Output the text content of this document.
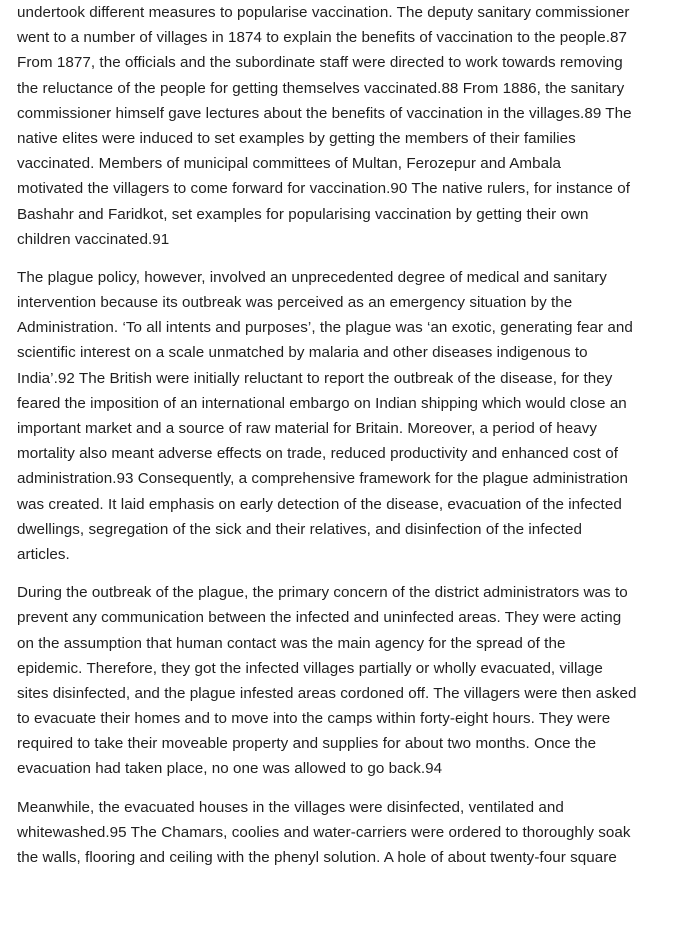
undertook different measures to popularise vaccination. The deputy sanitary commissioner
went to a number of villages in 1874 to explain the benefits of vaccination to the people.87
From 1877, the officials and the subordinate staff were directed to work towards removing
the reluctance of the people for getting themselves vaccinated.88 From 1886, the sanitary
commissioner himself gave lectures about the benefits of vaccination in the villages.89 The
native elites were induced to set examples by getting the members of their families
vaccinated. Members of municipal committees of Multan, Ferozepur and Ambala
motivated the villagers to come forward for vaccination.90 The native rulers, for instance of
Bashahr and Faridkot, set examples for popularising vaccination by getting their own
children vaccinated.91

The plague policy, however, involved an unprecedented degree of medical and sanitary
intervention because its outbreak was perceived as an emergency situation by the
Administration. ‘To all intents and purposes’, the plague was ‘an exotic, generating fear and
scientific interest on a scale unmatched by malaria and other diseases indigenous to
India’.92 The British were initially reluctant to report the outbreak of the disease, for they
feared the imposition of an international embargo on Indian shipping which would close an
important market and a source of raw material for Britain. Moreover, a period of heavy
mortality also meant adverse effects on trade, reduced productivity and enhanced cost of
administration.93 Consequently, a comprehensive framework for the plague administration
was created. It laid emphasis on early detection of the disease, evacuation of the infected
dwellings, segregation of the sick and their relatives, and disinfection of the infected
articles.

During the outbreak of the plague, the primary concern of the district administrators was to
prevent any communication between the infected and uninfected areas. They were acting
on the assumption that human contact was the main agency for the spread of the
epidemic. Therefore, they got the infected villages partially or wholly evacuated, village
sites disinfected, and the plague infested areas cordoned off. The villagers were then asked
to evacuate their homes and to move into the camps within forty-eight hours. They were
required to take their moveable property and supplies for about two months. Once the
evacuation had taken place, no one was allowed to go back.94

Meanwhile, the evacuated houses in the villages were disinfected, ventilated and
whitewashed.95 The Chamars, coolies and water-carriers were ordered to thoroughly soak
the walls, flooring and ceiling with the phenyl solution. A hole of about twenty-four square
